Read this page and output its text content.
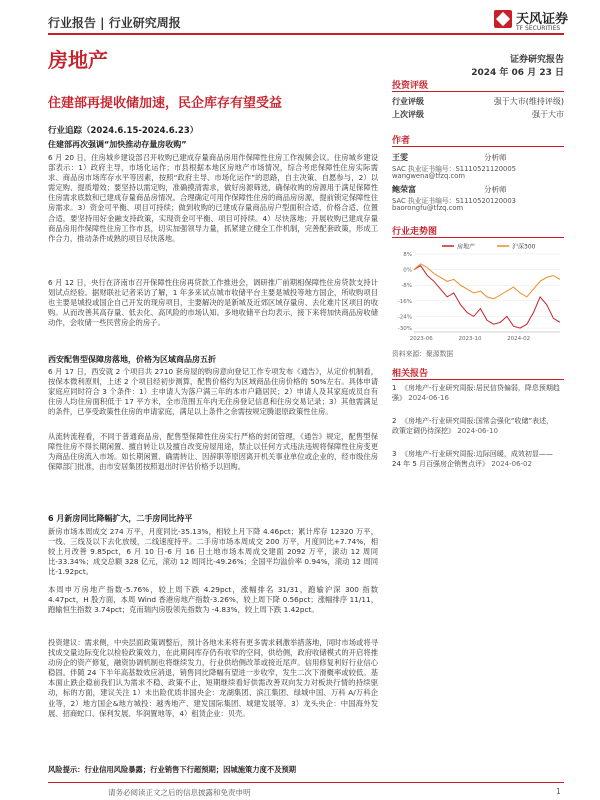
行业报告 | 行业研究周报	天风证券
TF SECURITIES
房地产	证券研究报告
2024 年 06 月 23 日
住建部再提收储加速，民企库存有望受益
行业追踪（2024.6.15-2024.6.23）
住建部再次强调“加快推动存量房收购”
6 月 20 日，住房城乡建设部召开收购已建成存量商品房用作保障性住房工作视频会议。住房城乡建设部表示：1）政府主导，市场化运作；市县根据本地区房地产市场情况，综合考虑保障性住房实际需求、商品房市场库存水平等因素，按照“政府主导、市场化运作”的思路，自主决策、自愿参与，2）以需定购、提质增效；要坚持以需定购，准确摸清需求，做好房源筛选，确保收购的房源用于满足保障性住房需求底数和已建成存量商品房情况。合理确定可用作保障性住房的商品房房源，提前锁定保障性住房需求。3）资金可平衡、项目可持续；做到收购的已建成存量商品房户型面积合适、价格合适、位置合适，要坚持用好金融支持政策，实现资金可平衡、项目可持续。4）尽快落地；开展收购已建成存量商品房用作保障性住房工作市县，切实加强领导力量，抓紧建立健全工作机制，完善配套政策，形成工作合力，推动条件成熟的项目尽快落地。
6 月 12 日，央行在济南市召开保障性住房再贷款工作推进会，调研推广前期相保障性住房贷款支持计划试点经验。据财联社记者采访了解，1 年多来试点城市收储平台主要是城投等地方国企，所收购项目也主要是城投或国企自己开发的现房项目，主要解决的是新城及近郊区域存量房、去化难片区项目的收购。从而改善其高存量、低去化、高风险的市场认知。多地收储平台均表示，接下来将加快商品房收储动作，会收储一些民营房企的房子。
西安配售型保障房落地，价格为区域商品房五折
6 月 17 日，西安就 2 个项目共 2710 套房屋的购房意向登记工作专项发布《通告》，从定价机制看，按保本微利原则，上述 2 个项目经初步测算，配售价格约为区域商品住房价格的 50%左右。具体申请家庭应同时符合 3 个条件：1）主申请人为落户满三年的本市户籍居民；2）申请人及其家庭成员自有住房人均住房面积低于 17 平方米，全市范围五年内无住房登记信息和住房交易记录；3）其他需满足的条件，已享受政策性住房的申请家庭，满足以上条件之余需按规定腾退原政策性住房。
从流转流程看，不同于普通商品房，配售型保障性住房实行严格的封闭管理，《通告》规定，配售型保障性住房不得长期闲置、擅自转让以及擅自改变房屋用途，禁止以任何方式违法违规将保障性住房变更为商品住房流入市场。如长期闲置、确需转让、因辞职等原因离开机关事业单位或企业的，经市级住房保障部门批准，由市安居集团按照退出时评估价格予以回购。
6 月新房同比降幅扩大，二手房同比持平
新房市场本周成交 274 万平，月度同比-35.13%，相较上月下降 4.46pct；累计库存 12320 万平，一线、三线及以下去化放缓，二线速度持平。二手房市场本周成交 200 万平，月度同比+7.74%，相较上月改善 9.85pct，6 月 10 日-6 月 16 日土地市场本周成交建面 2092 万平，滚动 12 周同比-33.34%；成交总额 328 亿元，滚动 12 周同比-49.26%；全国平均溢价率 0.94%，滚动 12 周同比-1.92pct。
本周申万房地产指数-5.76%，较上周下跌 4.29pct，涨幅排名 31/31，跑输沪深 300 指数 4.47pct，H 股方面，本周 Wind 香港房地产指数-3.26%，较上周下降 0.56pct；涨幅排序 11/11，跑输恒生指数 3.74pct；克而瑞内房股领先指数为 -4.83%，较上周下跌 1.42pct。
投资建议：需求侧，中央层面政策调整后，预计各地未来将有更多需求刺激举措落地，同时市场或将寻找成交量边际变化以检验政策效力，在此期间库存仍有收窄的空间，供给侧，政府收储模式的开启将推动房企的资产修复，融资协调机制也将继续发力，行业供给侧改革或接近尾声。信用修复利好行业信心稳固。伴随 24 下半年高基数效应消退，销售同比降幅有望进一步收窄，发生二次下滑概率或较低。基本面止跌企稳前我们认为需求不稳、政策不止，短期继续看好供需改善双向发力对板块行情的持续驱动，标的方面，建议关注 1）未出险优质非国央企：龙湖集团、滨江集团、绿城中国、万科 A/万科企业等，2）地方国企&地方城投：越秀地产、建发国际集团、城建发展等。3）龙头央企：中国海外发展、招商蛇口、保利发展、华润置地等，4）租赁企业：贝壳。
风险提示：行业信用风险暴露；行业销售下行超预期；因城施策力度不及预期
投资评级
行业评级	强于大市(维持评级)
上次评级	强于大市
作者
王雯	分析师
SAC 执业证书编号：S1110521120005
wangwena@tfzq.com
鲍荣富	分析师
SAC 执业证书编号：S1110520120003
baorongfu@tfzq.com
行业走势图
房地产	沪深300
8%
0%
-8%
-16%
-24%
-30%
2023-06	2023-10	2024-02
资料来源：聚源数据
相关报告
1 《房地产-行业研究周报:居民信贷偏弱，降息预期趋强》 2024-06-16
2 《房地产-行业研究周报:国常会强化“收储”表述，政策定调仍待深挖》 2024-06-10
3 《房地产-行业研究周报:边际回暖，成效初显——24 年 5 月百强房企销售点评》 2024-06-02
请务必阅读正文之后的信息披露和免责申明	1
